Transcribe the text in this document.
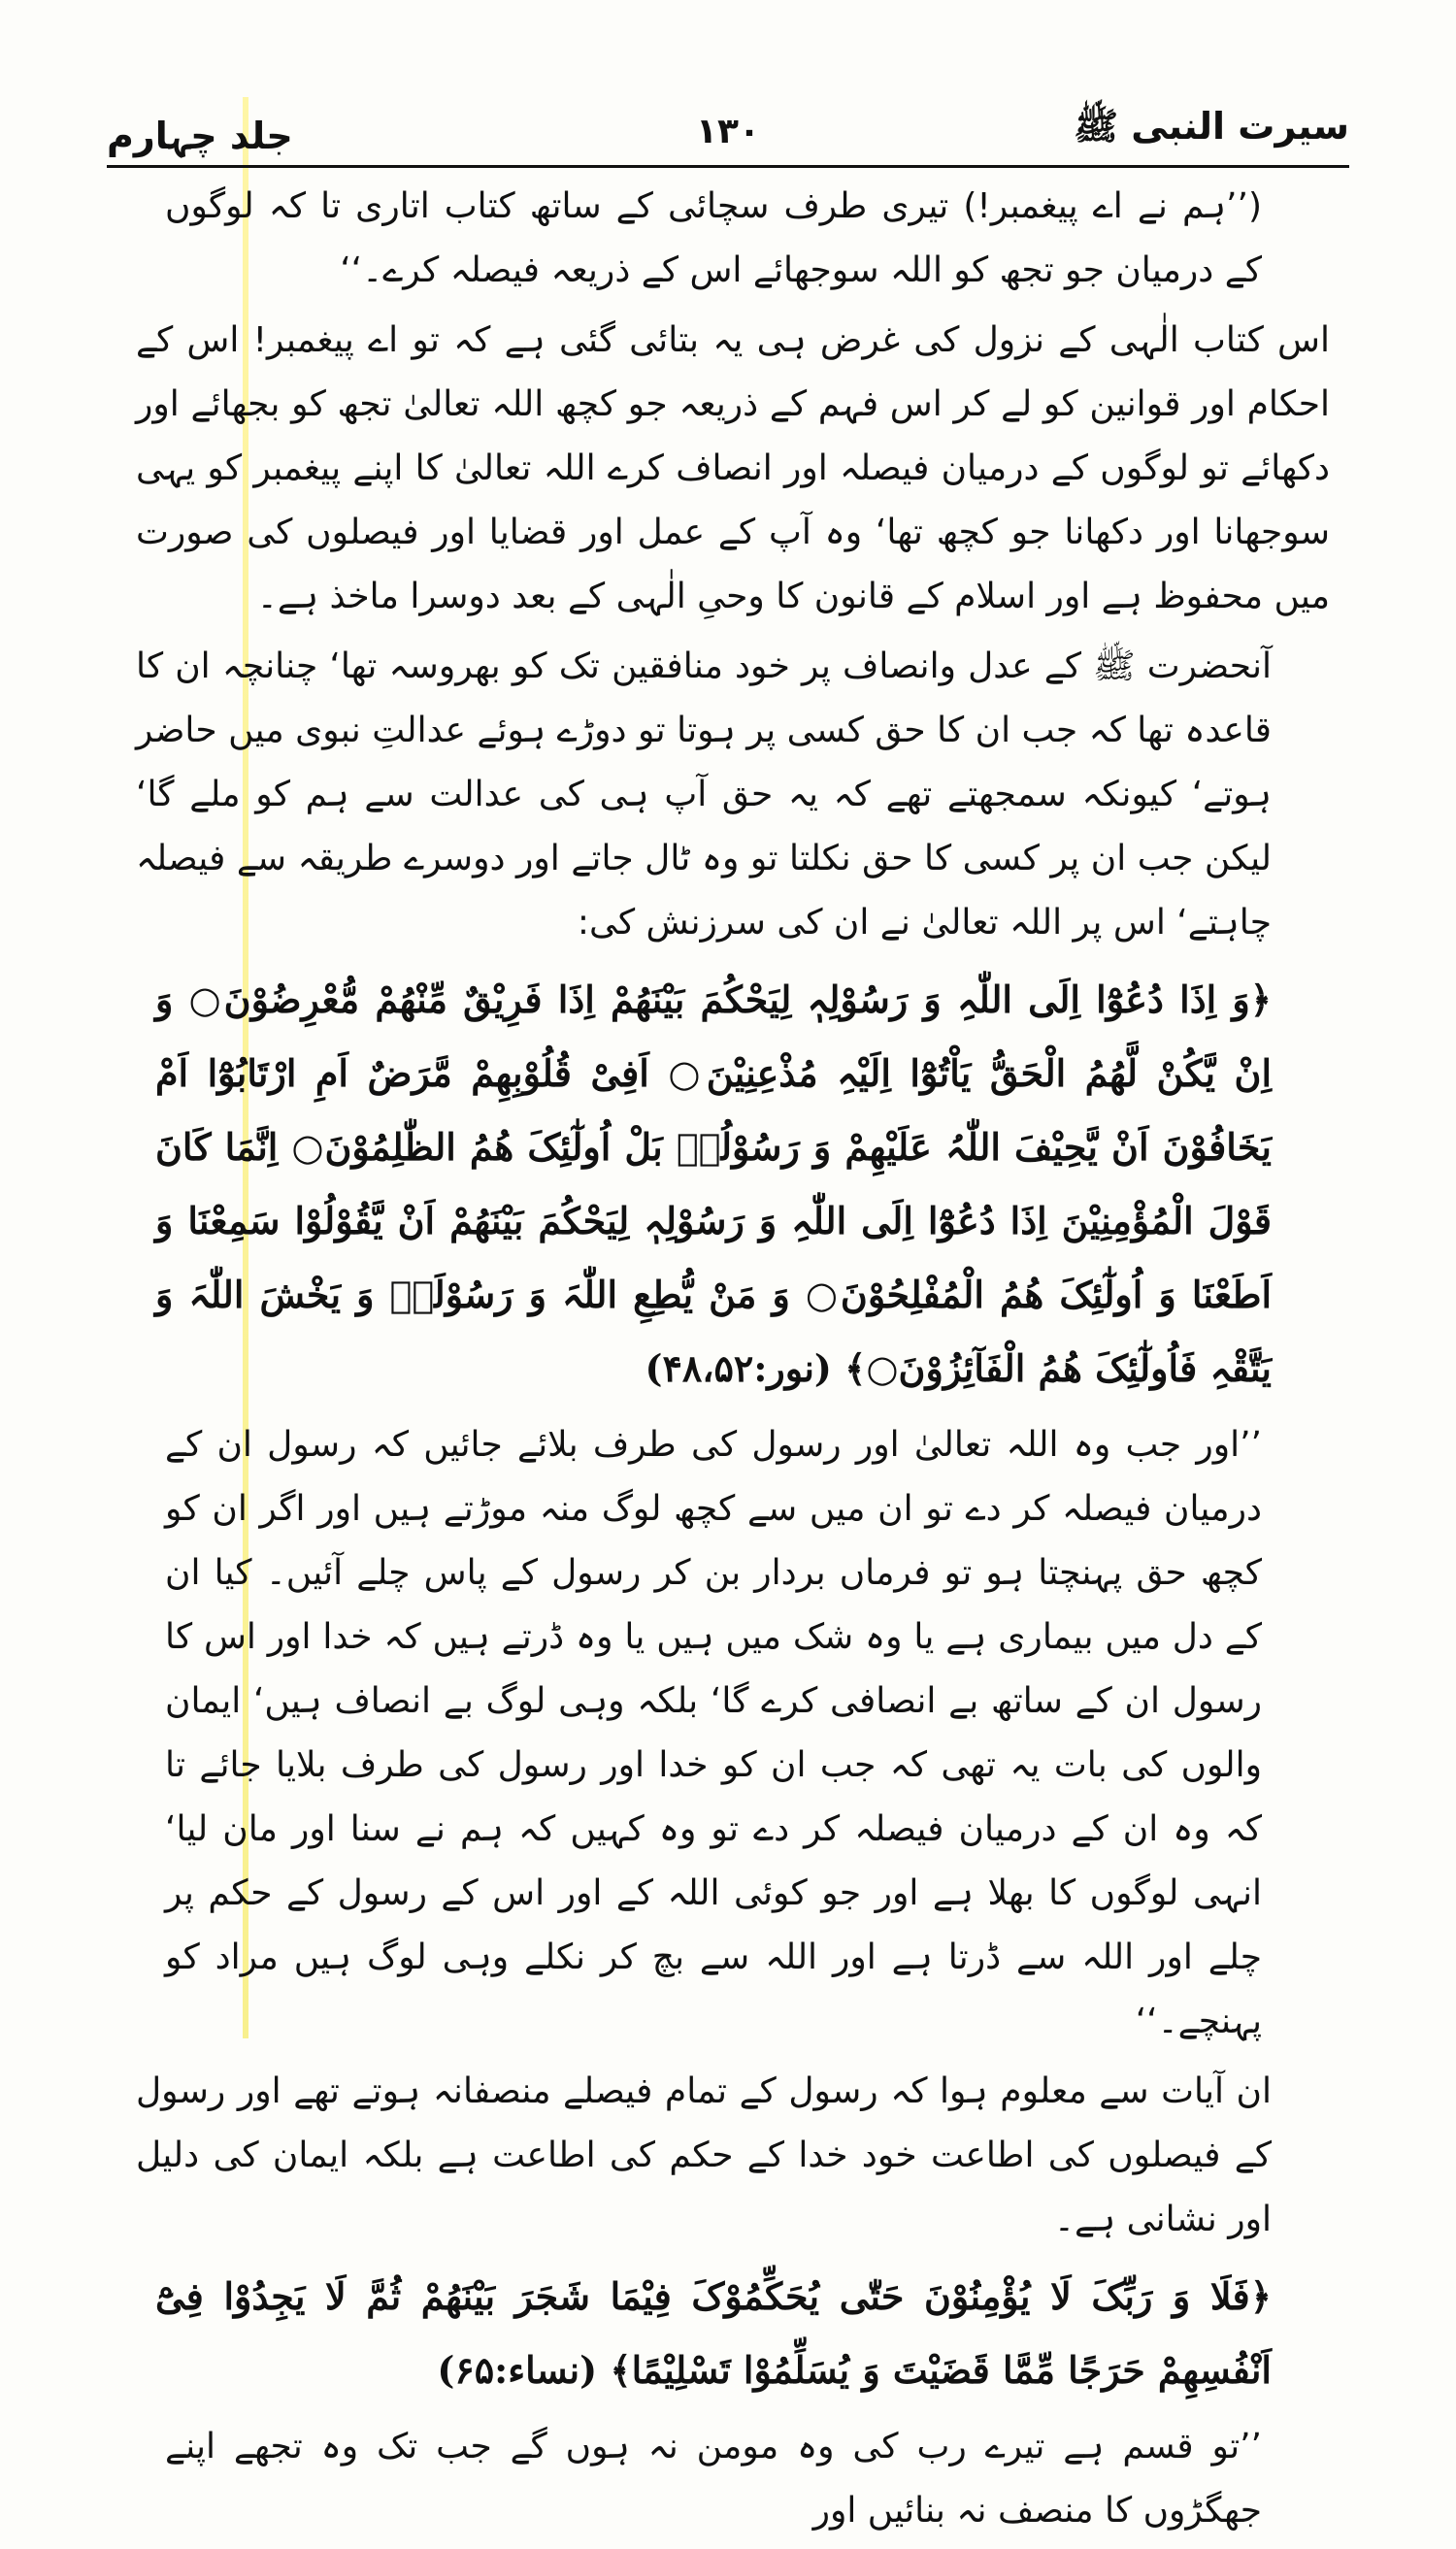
سیرت النبی ﷺ
۱۳۰
جلد چہارم

(’’ہم نے اے پیغمبر!) تیری طرف سچائی کے ساتھ کتاب اتاری تا کہ لوگوں کے درمیان جو تجھ کو اللہ سوجھائے اس کے ذریعہ فیصلہ کرے۔‘‘

اس کتاب الٰہی کے نزول کی غرض ہی یہ بتائی گئی ہے کہ تو اے پیغمبر! اس کے احکام اور قوانین کو لے کر اس فہم کے ذریعہ جو کچھ اللہ تعالیٰ تجھ کو بجھائے اور دکھائے تو لوگوں کے درمیان فیصلہ اور انصاف کرے اللہ تعالیٰ کا اپنے پیغمبر کو یہی سوجھانا اور دکھانا جو کچھ تھا‘ وہ آپ کے عمل اور قضایا اور فیصلوں کی صورت میں محفوظ ہے اور اسلام کے قانون کا وحیِ الٰہی کے بعد دوسرا ماخذ ہے۔

آنحضرت ﷺ کے عدل وانصاف پر خود منافقین تک کو بھروسہ تھا‘ چنانچہ ان کا قاعدہ تھا کہ جب ان کا حق کسی پر ہوتا تو دوڑے ہوئے عدالتِ نبوی میں حاضر ہوتے‘ کیونکہ سمجھتے تھے کہ یہ حق آپ ہی کی عدالت سے ہم کو ملے گا‘ لیکن جب ان پر کسی کا حق نکلتا تو وہ ٹال جاتے اور دوسرے طریقہ سے فیصلہ چاہتے‘ اس پر اللہ تعالیٰ نے ان کی سرزنش کی:

﴿وَ اِذَا دُعُوْٓا اِلَی اللّٰہِ وَ رَسُوْلِہٖ لِیَحْکُمَ بَیْنَھُمْ اِذَا فَرِیْقٌ مِّنْھُمْ مُّعْرِضُوْنَ○ وَ اِنْ یَّکُنْ لَّھُمُ الْحَقُّ یَاْتُوْٓا اِلَیْہِ مُذْعِنِیْنَ○ اَفِیْ قُلُوْبِھِمْ مَّرَضٌ اَمِ ارْتَابُوْٓا اَمْ یَخَافُوْنَ اَنْ یَّحِیْفَ اللّٰہُ عَلَیْھِمْ وَ رَسُوْلُہٗ بَلْ اُولٰٓئِکَ ھُمُ الظّٰلِمُوْنَ○ اِنَّمَا کَانَ قَوْلَ الْمُؤْمِنِیْنَ اِذَا دُعُوْٓا اِلَی اللّٰہِ وَ رَسُوْلِہٖ لِیَحْکُمَ بَیْنَھُمْ اَنْ یَّقُوْلُوْا سَمِعْنَا وَ اَطَعْنَا وَ اُولٰٓئِکَ ھُمُ الْمُفْلِحُوْنَ○ وَ مَنْ یُّطِعِ اللّٰہَ وَ رَسُوْلَہٗ وَ یَخْشَ اللّٰہَ وَ یَتَّقْہِ فَاُولٰٓئِکَ ھُمُ الْفَآئِزُوْنَ○﴾ (نور:۴۸،۵۲)

’’اور جب وہ اللہ تعالیٰ اور رسول کی طرف بلائے جائیں کہ رسول ان کے درمیان فیصلہ کر دے تو ان میں سے کچھ لوگ منہ موڑتے ہیں اور اگر ان کو کچھ حق پہنچتا ہو تو فرماں بردار بن کر رسول کے پاس چلے آئیں۔ کیا ان کے دل میں بیماری ہے یا وہ شک میں ہیں یا وہ ڈرتے ہیں کہ خدا اور اس کا رسول ان کے ساتھ بے انصافی کرے گا‘ بلکہ وہی لوگ بے انصاف ہیں‘ ایمان والوں کی بات یہ تھی کہ جب ان کو خدا اور رسول کی طرف بلایا جائے تا کہ وہ ان کے درمیان فیصلہ کر دے تو وہ کہیں کہ ہم نے سنا اور مان لیا‘ انہی لوگوں کا بھلا ہے اور جو کوئی اللہ کے اور اس کے رسول کے حکم پر چلے اور اللہ سے ڈرتا ہے اور اللہ سے بچ کر نکلے وہی لوگ ہیں مراد کو پہنچے۔‘‘

ان آیات سے معلوم ہوا کہ رسول کے تمام فیصلے منصفانہ ہوتے تھے اور رسول کے فیصلوں کی اطاعت خود خدا کے حکم کی اطاعت ہے بلکہ ایمان کی دلیل اور نشانی ہے۔

﴿فَلَا وَ رَبِّکَ لَا یُؤْمِنُوْنَ حَتّٰی یُحَکِّمُوْکَ فِیْمَا شَجَرَ بَیْنَھُمْ ثُمَّ لَا یَجِدُوْا فِیْٓ اَنْفُسِھِمْ حَرَجًا مِّمَّا قَضَیْتَ وَ یُسَلِّمُوْا تَسْلِیْمًا﴾ (نساء:۶۵)

’’تو قسم ہے تیرے رب کی وہ مومن نہ ہوں گے جب تک وہ تجھے اپنے جھگڑوں کا منصف نہ بنائیں اور
